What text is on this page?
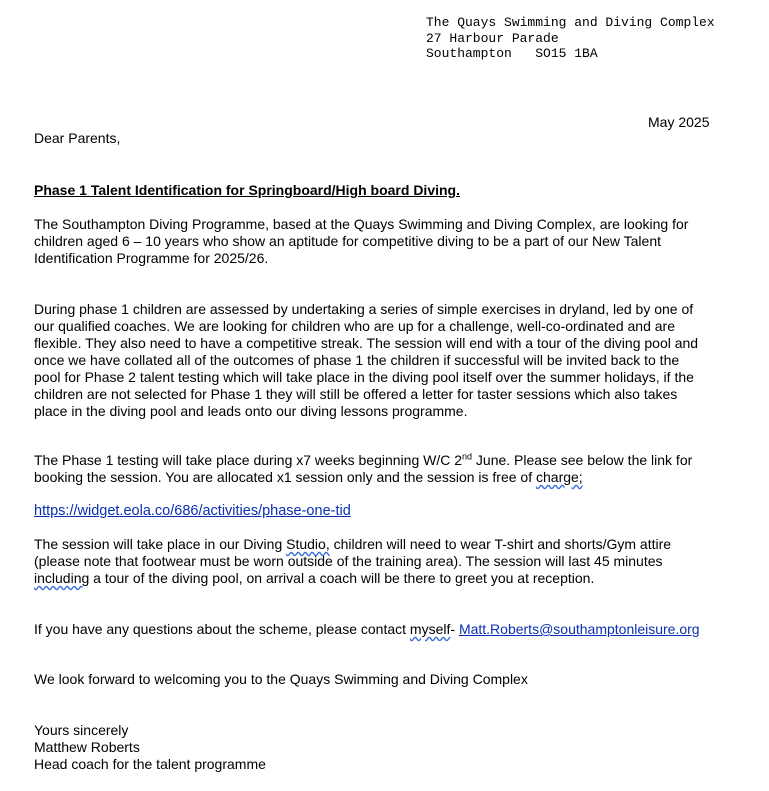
The Quays Swimming and Diving Complex
27 Harbour Parade
Southampton SO15 1BA
May 2025
Dear Parents,
Phase 1 Talent Identification for Springboard/High board Diving.
The Southampton Diving Programme, based at the Quays Swimming and Diving Complex, are looking for
children aged 6 – 10 years who show an aptitude for competitive diving to be a part of our New Talent
Identification Programme for 2025/26.
During phase 1 children are assessed by undertaking a series of simple exercises in dryland, led by one of
our qualified coaches. We are looking for children who are up for a challenge, well-co-ordinated and are
flexible. They also need to have a competitive streak. The session will end with a tour of the diving pool and
once we have collated all of the outcomes of phase 1 the children if successful will be invited back to the
pool for Phase 2 talent testing which will take place in the diving pool itself over the summer holidays, if the
children are not selected for Phase 1 they will still be offered a letter for taster sessions which also takes
place in the diving pool and leads onto our diving lessons programme.
The Phase 1 testing will take place during x7 weeks beginning W/C 2nd June. Please see below the link for
booking the session. You are allocated x1 session only and the session is free of charge;
https://widget.eola.co/686/activities/phase-one-tid
The session will take place in our Diving Studio, children will need to wear T-shirt and shorts/Gym attire
(please note that footwear must be worn outside of the training area). The session will last 45 minutes
including a tour of the diving pool, on arrival a coach will be there to greet you at reception.
If you have any questions about the scheme, please contact myself- Matt.Roberts@southamptonleisure.org
We look forward to welcoming you to the Quays Swimming and Diving Complex
Yours sincerely
Matthew Roberts
Head coach for the talent programme
